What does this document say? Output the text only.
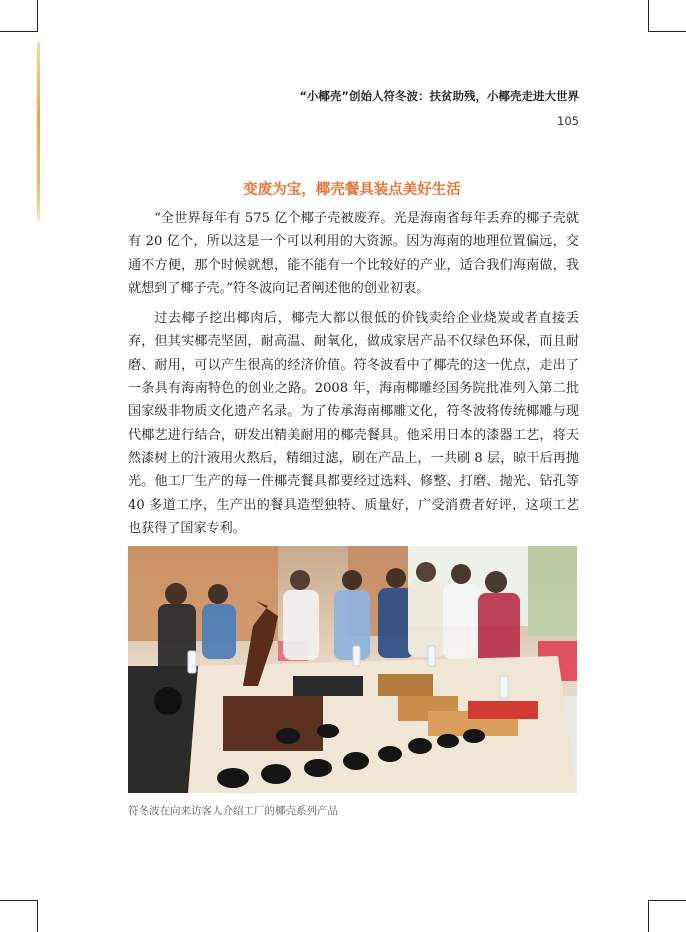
“小椰壳”创始人符冬波：扶贫助残，小椰壳走进大世界
105
变废为宝，椰壳餐具装点美好生活

“全世界每年有 575 亿个椰子壳被废弃。光是海南省每年丢弃的椰子壳就有 20 亿个，所以这是一个可以利用的大资源。因为海南的地理位置偏远，交通不方便，那个时候就想，能不能有一个比较好的产业，适合我们海南做，我就想到了椰子壳。”符冬波向记者阐述他的创业初衷。

过去椰子挖出椰肉后，椰壳大都以很低的价钱卖给企业烧炭或者直接丢弃，但其实椰壳坚固，耐高温、耐氧化，做成家居产品不仅绿色环保，而且耐磨、耐用，可以产生很高的经济价值。符冬波看中了椰壳的这一优点，走出了一条具有海南特色的创业之路。2008 年，海南椰雕经国务院批准列入第二批国家级非物质文化遗产名录。为了传承海南椰雕文化，符冬波将传统椰雕与现代椰艺进行结合，研发出精美耐用的椰壳餐具。他采用日本的漆器工艺，将天然漆树上的汁液用火熬后，精细过滤，刷在产品上，一共刷 8 层，晾干后再抛光。他工厂生产的每一件椰壳餐具都要经过选料、修整、打磨、抛光、钻孔等 40 多道工序，生产出的餐具造型独特、质量好，广受消费者好评，这项工艺也获得了国家专利。

符冬波在向来访客人介绍工厂的椰壳系列产品
